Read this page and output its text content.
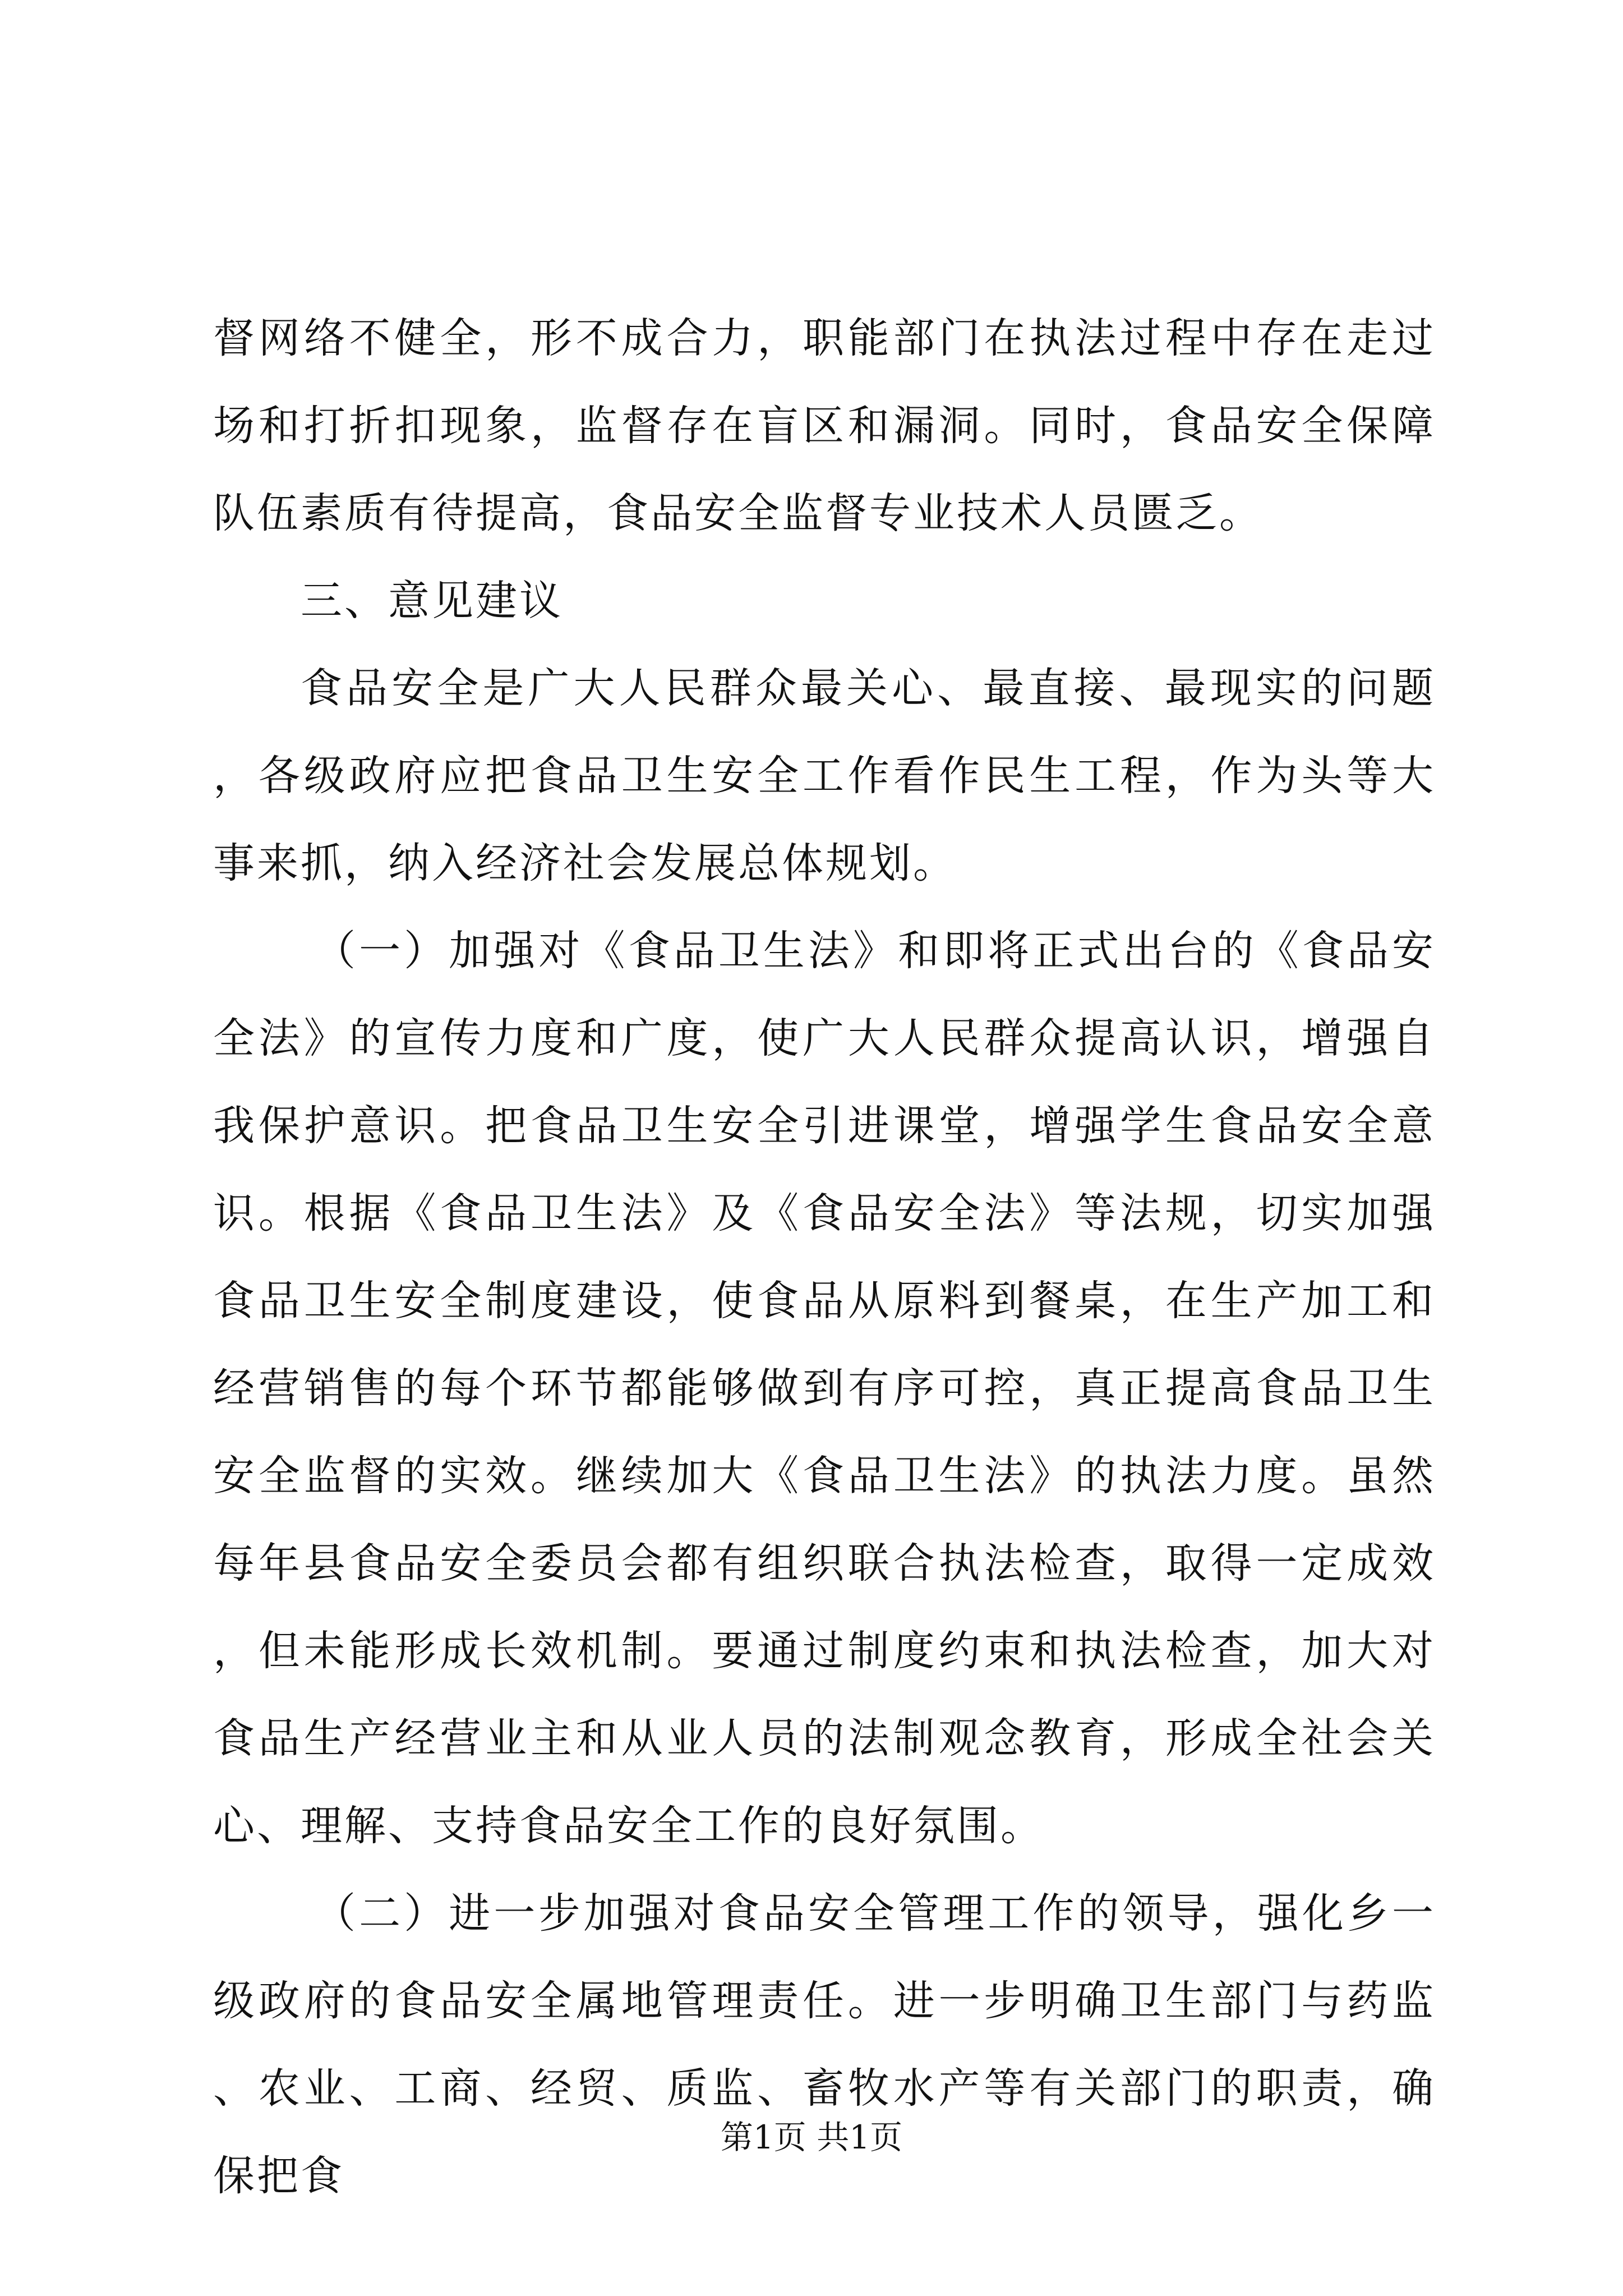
督网络不健全，形不成合力，职能部门在执法过程中存在走过场和打折扣现象，监督存在盲区和漏洞。同时，食品安全保障队伍素质有待提高，食品安全监督专业技术人员匮乏。

三、意见建议

食品安全是广大人民群众最关心、最直接、最现实的问题，各级政府应把食品卫生安全工作看作民生工程，作为头等大事来抓，纳入经济社会发展总体规划。

（一）加强对《食品卫生法》和即将正式出台的《食品安全法》的宣传力度和广度，使广大人民群众提高认识，增强自我保护意识。把食品卫生安全引进课堂，增强学生食品安全意识。根据《食品卫生法》及《食品安全法》等法规，切实加强食品卫生安全制度建设，使食品从原料到餐桌，在生产加工和经营销售的每个环节都能够做到有序可控，真正提高食品卫生安全监督的实效。继续加大《食品卫生法》的执法力度。虽然每年县食品安全委员会都有组织联合执法检查，取得一定成效，但未能形成长效机制。要通过制度约束和执法检查，加大对食品生产经营业主和从业人员的法制观念教育，形成全社会关心、理解、支持食品安全工作的良好氛围。

（二）进一步加强对食品安全管理工作的领导，强化乡一级政府的食品安全属地管理责任。进一步明确卫生部门与药监、农业、工商、经贸、质监、畜牧水产等有关部门的职责，确保把食

第1页 共1页
